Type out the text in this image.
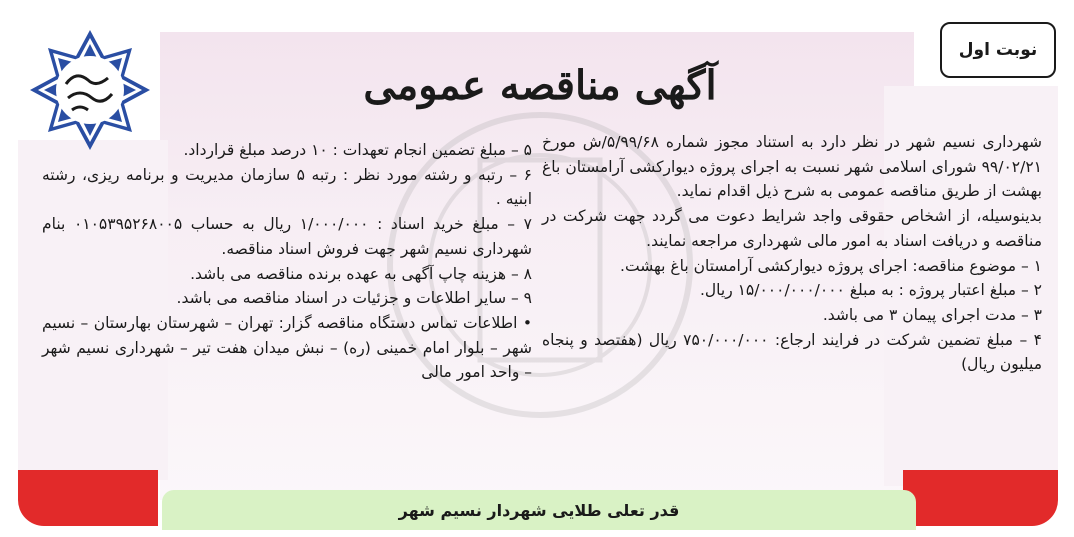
نوبت اول
آگهی مناقصه عمومی

شهرداری نسیم شهر در نظر دارد به استناد مجوز شماره ۵/۹۹/۶۸/ش مورخ ۹۹/۰۲/۲۱ شورای اسلامی شهر نسبت به اجرای پروژه دیوارکشی آرامستان باغ بهشت از طریق مناقصه عمومی به شرح ذیل اقدام نماید.

بدینوسیله، از اشخاص حقوقی واجد شرایط دعوت می گردد جهت شرکت در مناقصه و دریافت اسناد به امور مالی شهرداری مراجعه نمایند.

۱ – موضوع مناقصه: اجرای پروژه دیوارکشی آرامستان باغ بهشت.

۲ – مبلغ اعتبار پروژه : به مبلغ ۱۵/۰۰۰/۰۰۰/۰۰۰ ریال.

۳ – مدت اجرای پیمان ۳ می باشد.

۴ – مبلغ تضمین شرکت در فرایند ارجاع: ۷۵۰/۰۰۰/۰۰۰ ریال (هفتصد و پنجاه میلیون ریال)

۵ – مبلغ تضمین انجام تعهدات : ۱۰ درصد مبلغ قرارداد.

۶ – رتبه و رشته مورد نظر : رتبه ۵ سازمان مدیریت و برنامه ریزی، رشته ابنیه .

۷ – مبلغ خرید اسناد : ۱/۰۰۰/۰۰۰ ریال به حساب ۰۱۰۵۳۹۵۲۶۸۰۰۵ بنام شهرداری نسیم شهر جهت فروش اسناد مناقصه.

۸ – هزینه چاپ آگهی به عهده برنده مناقصه می باشد.

۹ – سایر اطلاعات و جزئیات در اسناد مناقصه می باشد.

• اطلاعات تماس دستگاه مناقصه گزار: تهران – شهرستان بهارستان – نسیم شهر – بلوار امام خمینی (ره) – نبش میدان هفت تیر – شهرداری نسیم شهر – واحد امور مالی

قدر تعلی طلایی شهردار نسیم شهر
